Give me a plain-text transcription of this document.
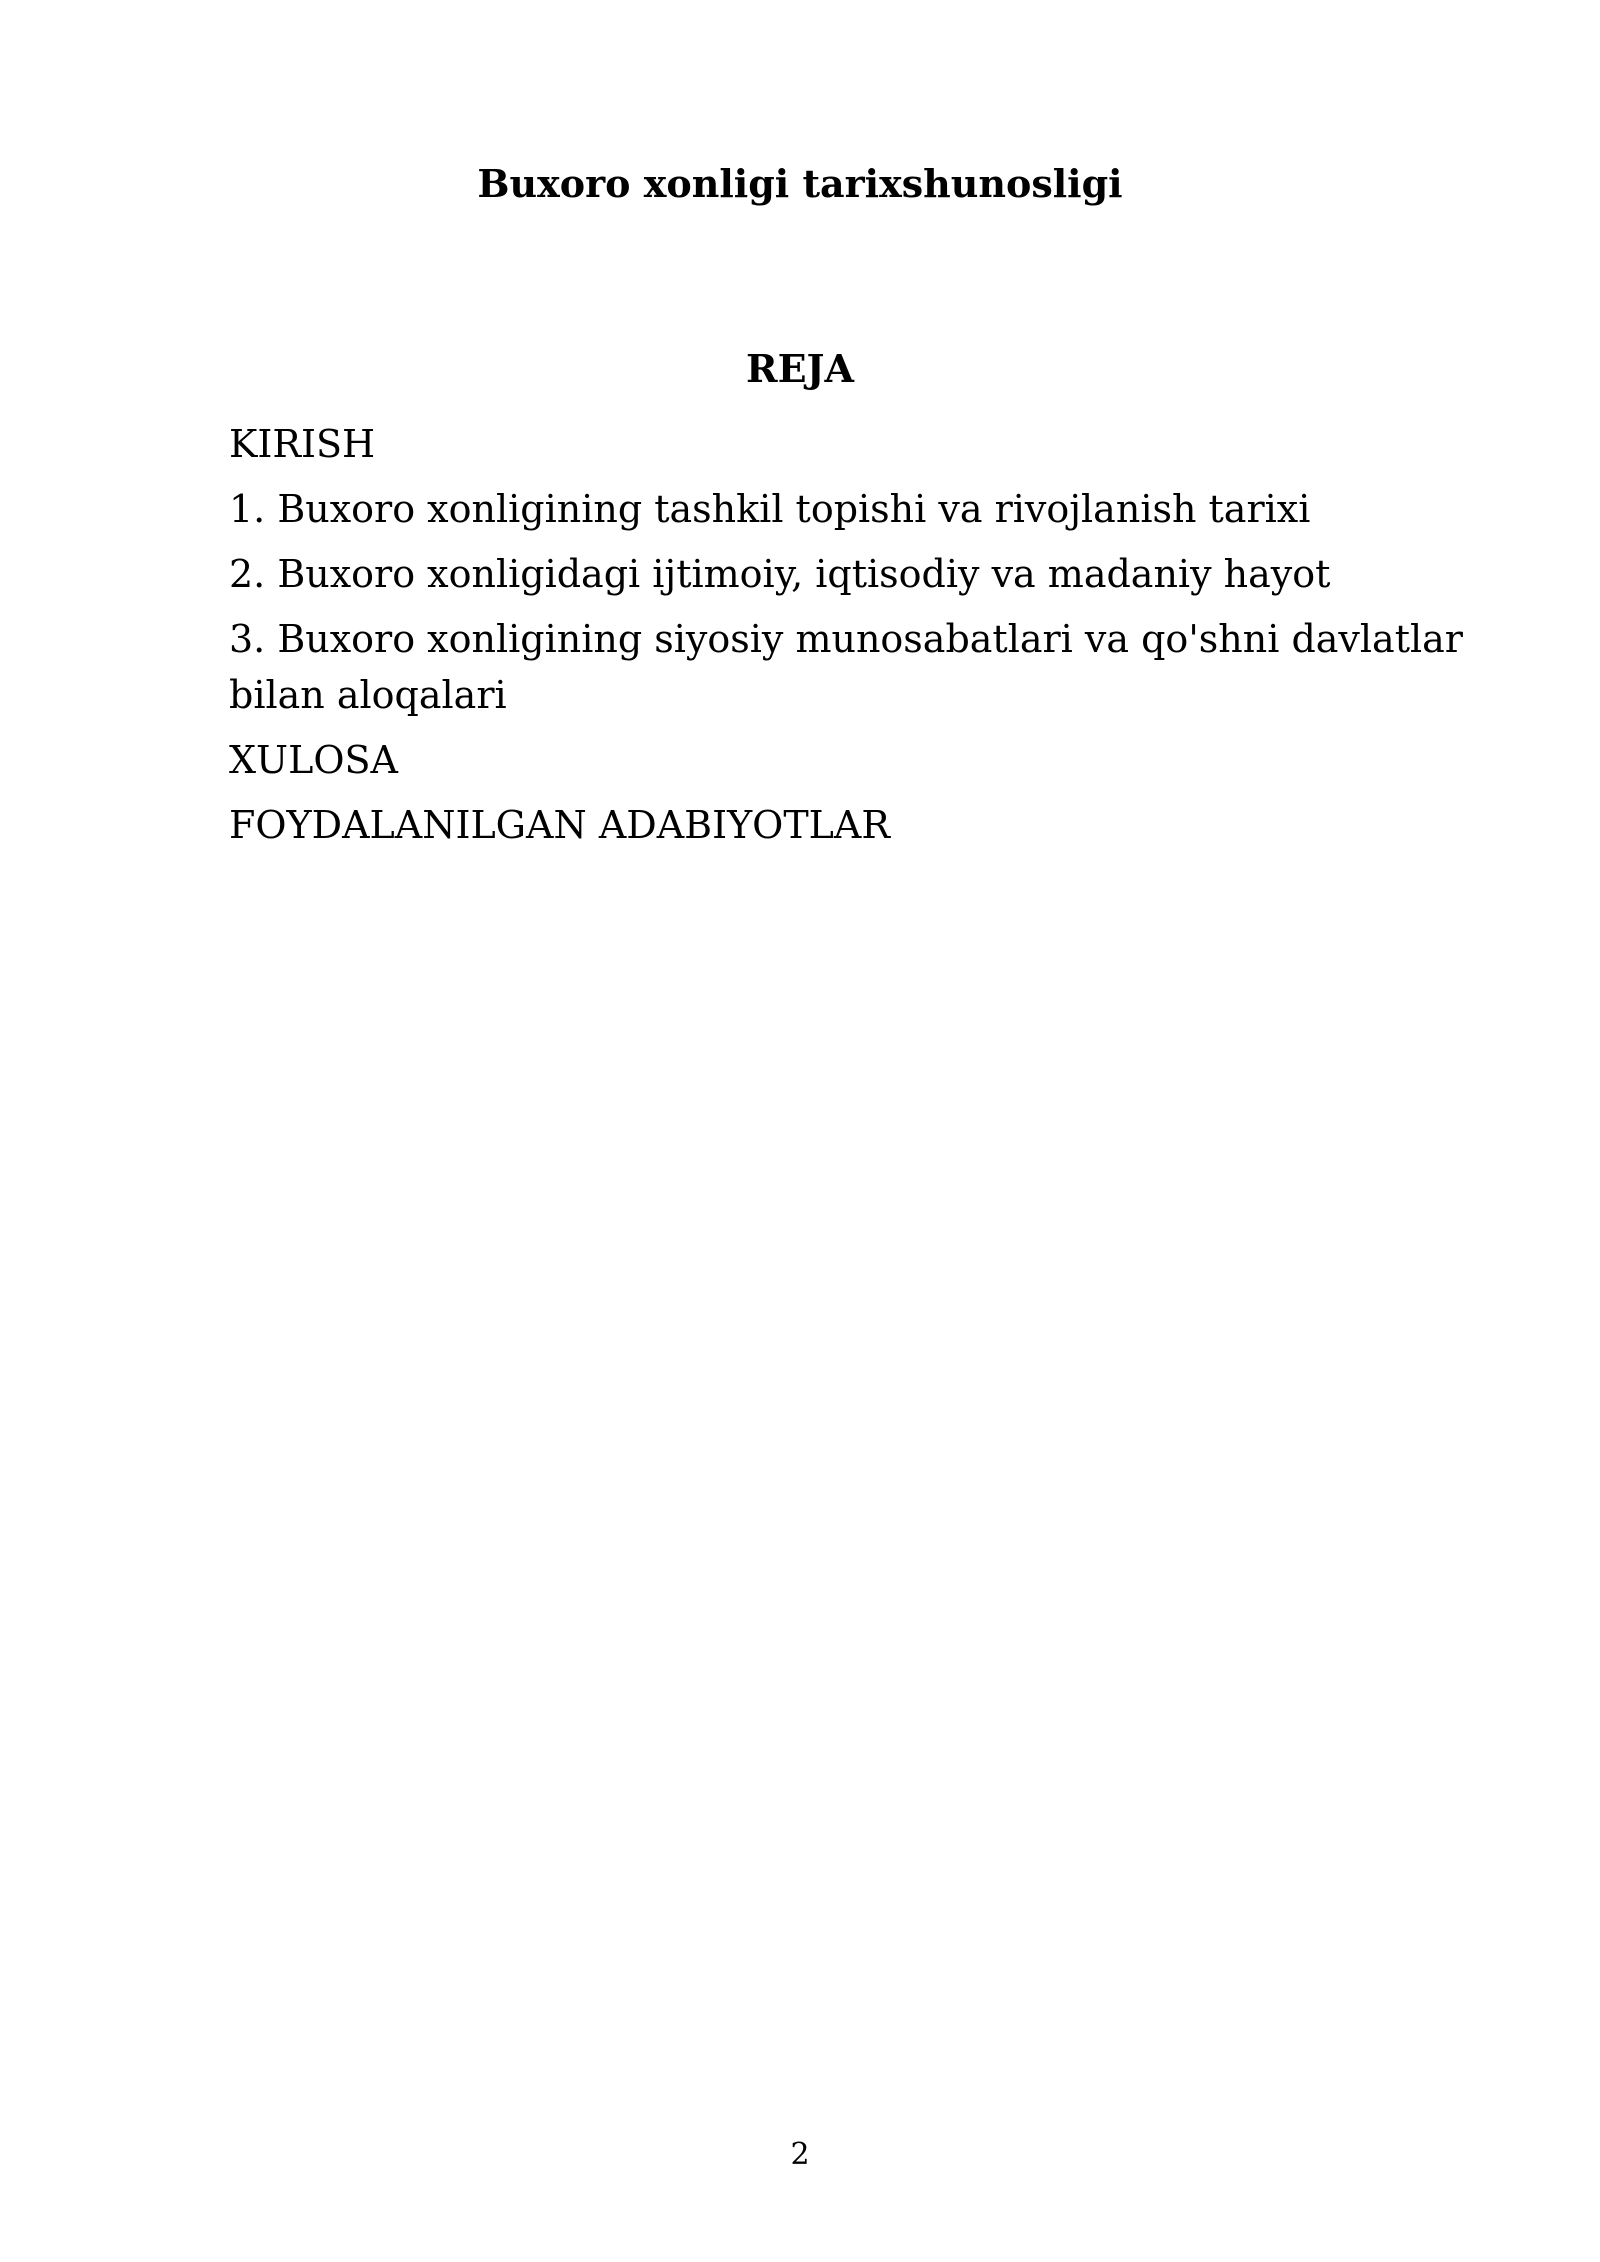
Buxoro xonligi tarixshunosligi
REJA
KIRISH
1. Buxoro xonligining tashkil topishi va rivojlanish tarixi
2. Buxoro xonligidagi ijtimoiy, iqtisodiy va madaniy hayot
3. Buxoro xonligining siyosiy munosabatlari va qo'shni davlatlar bilan aloqalari
XULOSA
FOYDALANILGAN ADABIYOTLAR
2
